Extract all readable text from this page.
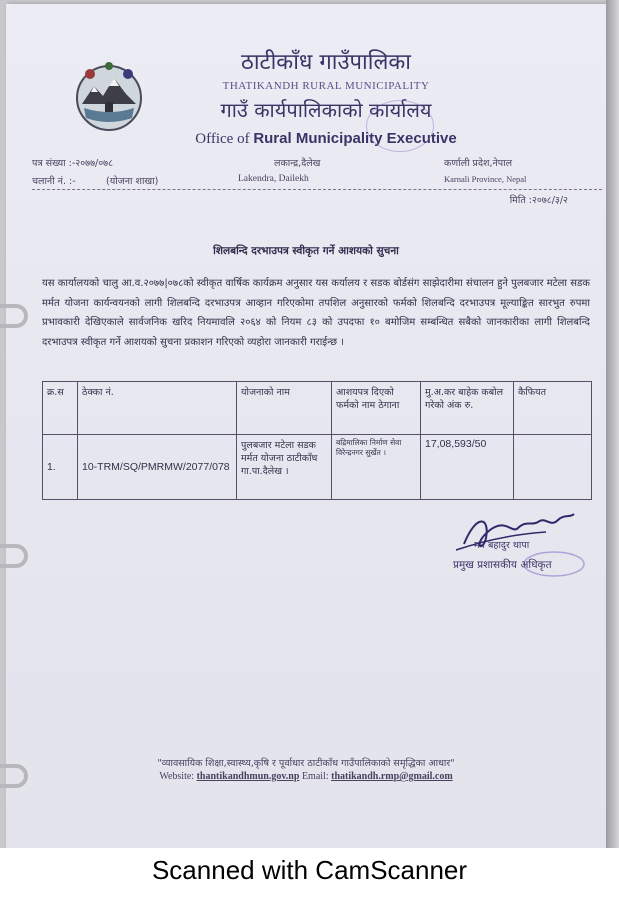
ठाटीकाँध गाउँपालिका
THATIKANDH RURAL MUNICIPALITY
गाउँ कार्यपालिकाको कार्यालय
Office of Rural Municipality Executive
पत्र संख्या :-२०७७/०७८	लकान्द्र,दैलेख	कर्णाली प्रदेश,नेपाल
चलानी नं. :-	(योजना शाखा)	Lakendra, Dailekh	Karnali Province, Nepal
मिति :२०७८/३/२
शिलबन्दि दरभाउपत्र स्वीकृत गर्ने आशयको सुचना
यस कार्यालयको चालु आ.व.२०७७|०७८को स्वीकृत वार्षिक कार्यक्रम अनुसार यस कर्यालय र सडक बोर्डसंग साझेदारीमा संचालन हुने पुलबजार मटेला सडक मर्मत योजना कार्यन्वयनको लागी शिलबन्दि दरभाउपत्र आव्हान गरिएकोमा तपशिल अनुसारको फर्मको शिलबन्दि दरभाउपत्र मूल्याङ्कित सारभुत रुपमा प्रभावकारी देखिएकाले सार्वजनिक खरिद नियमावलि २०६४ को नियम ८३ को उपदफा १० बमोजिम सम्बन्धित सबैको जानकारीका लागी शिलबन्दि दरभाउपत्र स्वीकृत गर्ने आशयको सुचना प्रकाशन गरिएको व्यहोरा जानकारी गराईन्छ ।
क्र.स	ठेक्का नं.	योजनाको नाम	आशयपत्र दिएको फर्मको नाम ठेगाना	मु.अ.कर बाहेक कबोल गरेको अंक रु.	कैफियत
1.	10-TRM/SQ/PMRMW/2077/078	पुलबजार मटेला सडक मर्मत योजना ठाटीकाँध गा.पा.दैलेख ।	बद्रिमालिका निर्माण सेवा विरेन्द्रनगर सुर्खेत ।	17,08,593/50	
मन बहादुर थापा
प्रमुख प्रशासकीय अधिकृत
"व्यावसायिक शिक्षा,स्वास्थ्य,कृषि र पूर्वाधार ठाटीकाँध गाउँपालिकाको समृद्धिका आधार"
Website: thantikandhmun.gov.np Email: thatikandh.rmp@gmail.com
Scanned with CamScanner
